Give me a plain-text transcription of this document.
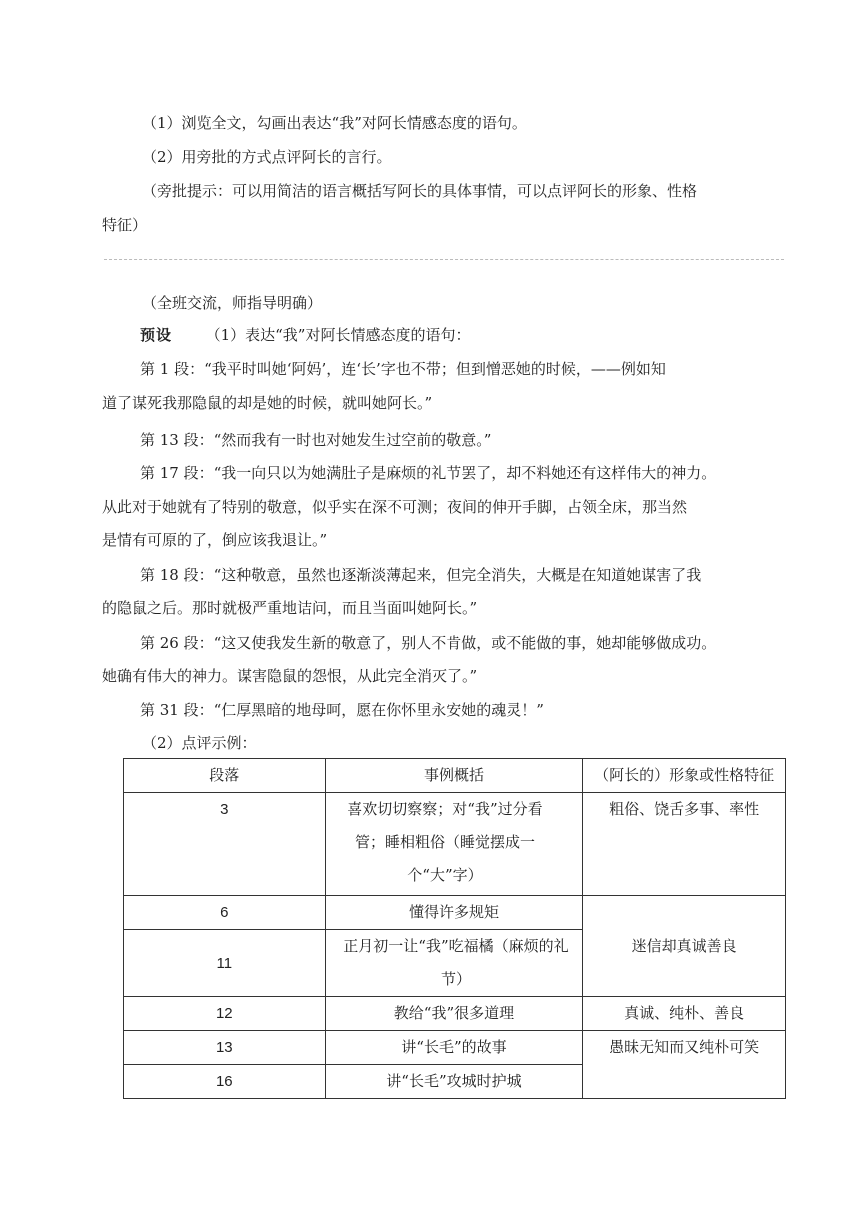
（1）浏览全文，勾画出表达“我”对阿长情感态度的语句。
（2）用旁批的方式点评阿长的言行。
（旁批提示：可以用简洁的语言概括写阿长的具体事情，可以点评阿长的形象、性格
特征）
（全班交流，师指导明确）
预设 （1）表达“我”对阿长情感态度的语句：
第 1 段：“我平时叫她‘阿妈’，连‘长’字也不带；但到憎恶她的时候，——例如知
道了谋死我那隐鼠的却是她的时候，就叫她阿长。”
第 13 段：“然而我有一时也对她发生过空前的敬意。”
第 17 段：“我一向只以为她满肚子是麻烦的礼节罢了，却不料她还有这样伟大的神力。
从此对于她就有了特别的敬意，似乎实在深不可测；夜间的伸开手脚，占领全床，那当然
是情有可原的了，倒应该我退让。”
第 18 段：“这种敬意，虽然也逐渐淡薄起来，但完全消失，大概是在知道她谋害了我
的隐鼠之后。那时就极严重地诘问，而且当面叫她阿长。”
第 26 段：“这又使我发生新的敬意了，别人不肯做，或不能做的事，她却能够做成功。
她确有伟大的神力。谋害隐鼠的怨恨，从此完全消灭了。”
第 31 段：“仁厚黑暗的地母呵，愿在你怀里永安她的魂灵！”
（2）点评示例：
段落	事例概括	（阿长的）形象或性格特征
3	喜欢切切察察；对“我”过分看管；睡相粗俗（睡觉摆成一个“大”字）	粗俗、饶舌多事、率性
6	懂得许多规矩	迷信却真诚善良
11	正月初一让“我”吃福橘（麻烦的礼节）	
12	教给“我”很多道理	真诚、纯朴、善良
13	讲“长毛”的故事	愚昧无知而又纯朴可笑
16	讲“长毛”攻城时护城	
